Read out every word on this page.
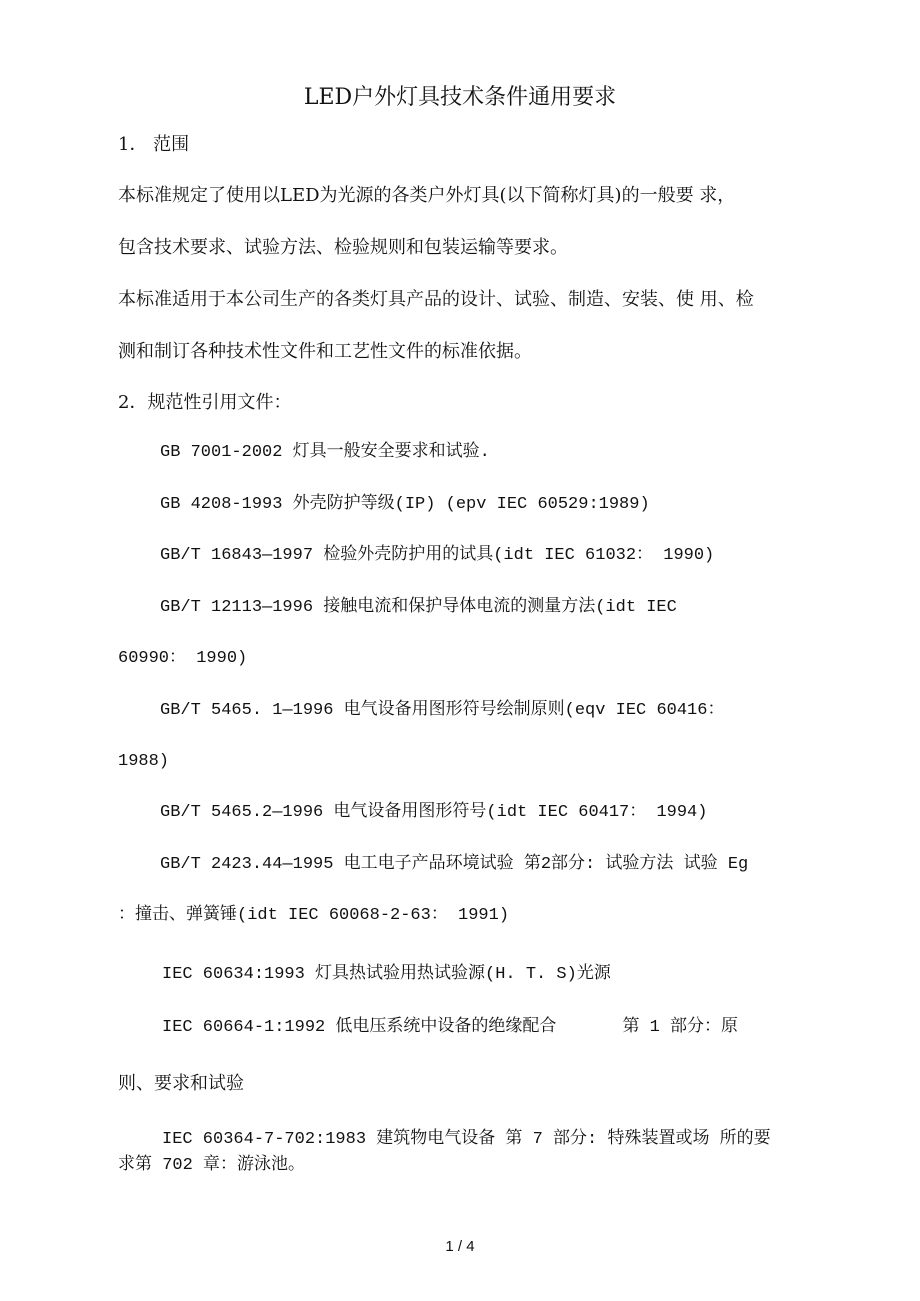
LED户外灯具技术条件通用要求
1． 范围
本标准规定了使用以LED为光源的各类户外灯具(以下简称灯具)的一般要 求，
包含技术要求、试验方法、检验规则和包装运输等要求。
本标准适用于本公司生产的各类灯具产品的设计、试验、制造、安装、使 用、检
测和制订各种技术性文件和工艺性文件的标准依据。
2．规范性引用文件：
GB 7001-2002 灯具一般安全要求和试验.
GB 4208-1993 外壳防护等级(IP) (epv IEC 60529:1989)
GB/T 16843—1997 检验外壳防护用的试具(idt IEC 61032： 1990)
GB/T 12113—1996 接触电流和保护导体电流的测量方法(idt IEC
60990： 1990)
GB/T 5465. 1—1996 电气设备用图形符号绘制原则(eqv IEC 60416：
1988)
GB/T 5465.2—1996 电气设备用图形符号(idt IEC 60417： 1994)
GB/T 2423.44—1995 电工电子产品环境试验 第2部分: 试验方法 试验 Eg
：撞击、弹簧锤(idt IEC 60068-2-63： 1991)
IEC 60634:1993 灯具热试验用热试验源(H. T. S)光源
IEC 60664-1:1992 低电压系统中设备的绝缘配合	第 1 部分：原
则、要求和试验
IEC 60364-7-702:1983 建筑物电气设备 第 7 部分: 特殊装置或场 所的要
求第 702 章：游泳池。
1 / 4
